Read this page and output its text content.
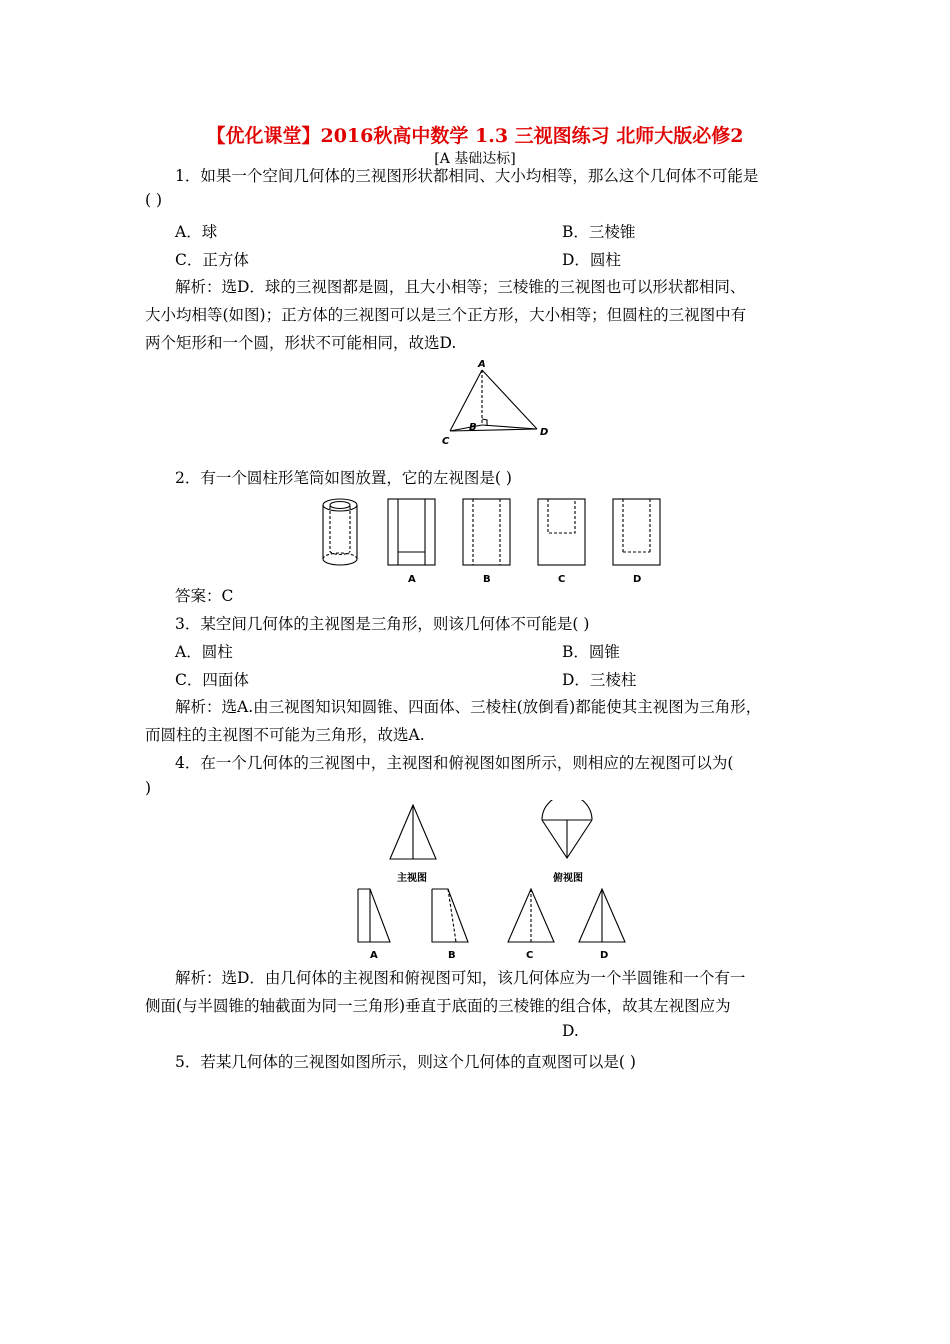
【优化课堂】2016秋高中数学 1.3 三视图练习 北师大版必修2
[A 基础达标]
1．如果一个空间几何体的三视图形状都相同、大小均相等，那么这个几何体不可能是
( )
A．球	B．三棱锥
C．正方体	D．圆柱
解析：选D．球的三视图都是圆，且大小相等；三棱锥的三视图也可以形状都相同、
大小均相等(如图)；正方体的三视图可以是三个正方形，大小相等；但圆柱的三视图中有
两个矩形和一个圆，形状不可能相同，故选D.
A
B
C
D
2．有一个圆柱形笔筒如图放置，它的左视图是( )
A	B	C	D
答案：C
3．某空间几何体的主视图是三角形，则该几何体不可能是( )
A．圆柱	B．圆锥
C．四面体	D．三棱柱
解析：选A.由三视图知识知圆锥、四面体、三棱柱(放倒看)都能使其主视图为三角形，
而圆柱的主视图不可能为三角形，故选A.
4．在一个几何体的三视图中，主视图和俯视图如图所示，则相应的左视图可以为(
)
主视图	俯视图
A	B	C	D
解析：选D．由几何体的主视图和俯视图可知，该几何体应为一个半圆锥和一个有一
侧面(与半圆锥的轴截面为同一三角形)垂直于底面的三棱锥的组合体，故其左视图应为
D.
5．若某几何体的三视图如图所示，则这个几何体的直观图可以是( )
